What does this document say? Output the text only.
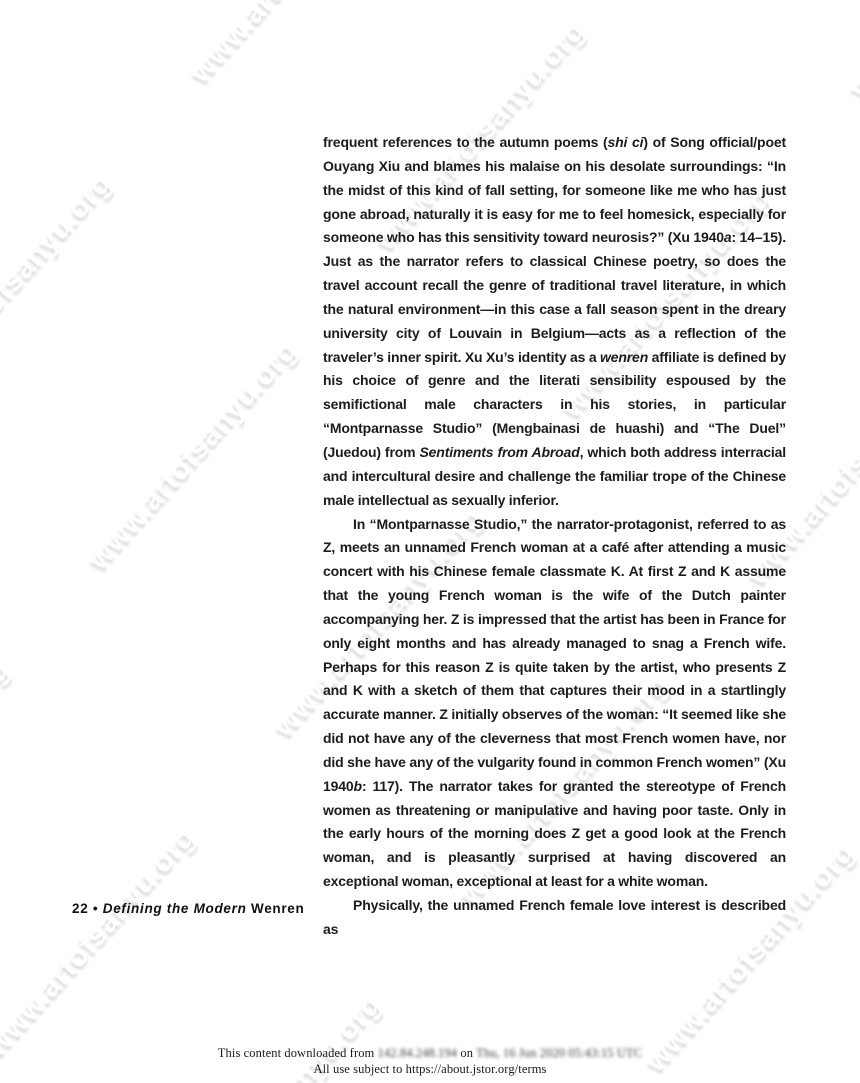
frequent references to the autumn poems (shi ci) of Song official/poet Ouyang Xiu and blames his malaise on his desolate surroundings: “In the midst of this kind of fall setting, for someone like me who has just gone abroad, naturally it is easy for me to feel homesick, especially for someone who has this sensitivity toward neurosis?” (Xu 1940a: 14–15). Just as the narrator refers to classical Chinese poetry, so does the travel account recall the genre of traditional travel literature, in which the natural environment—in this case a fall season spent in the dreary university city of Louvain in Belgium—acts as a reflection of the traveler’s inner spirit. Xu Xu’s identity as a wenren affiliate is defined by his choice of genre and the literati sensibility espoused by the semifictional male characters in his stories, in particular “Montparnasse Studio” (Mengbainasi de huashi) and “The Duel” (Juedou) from Sentiments from Abroad, which both address interracial and intercultural desire and challenge the familiar trope of the Chinese male intellectual as sexually inferior.

In “Montparnasse Studio,” the narrator-protagonist, referred to as Z, meets an unnamed French woman at a café after attending a music concert with his Chinese female classmate K. At first Z and K assume that the young French woman is the wife of the Dutch painter accompanying her. Z is impressed that the artist has been in France for only eight months and has already managed to snag a French wife. Perhaps for this reason Z is quite taken by the artist, who presents Z and K with a sketch of them that captures their mood in a startlingly accurate manner. Z initially observes of the woman: “It seemed like she did not have any of the cleverness that most French women have, nor did she have any of the vulgarity found in common French women” (Xu 1940b: 117). The narrator takes for granted the stereotype of French women as threatening or manipulative and having poor taste. Only in the early hours of the morning does Z get a good look at the French woman, and is pleasantly surprised at having discovered an exceptional woman, exceptional at least for a white woman.

Physically, the unnamed French female love interest is described as

22 • Defining the Modern Wenren
This content downloaded from 142.84.248.194 on Thu, 16 Jun 2020 05:43:15 UTC
All use subject to https://about.jstor.org/terms
